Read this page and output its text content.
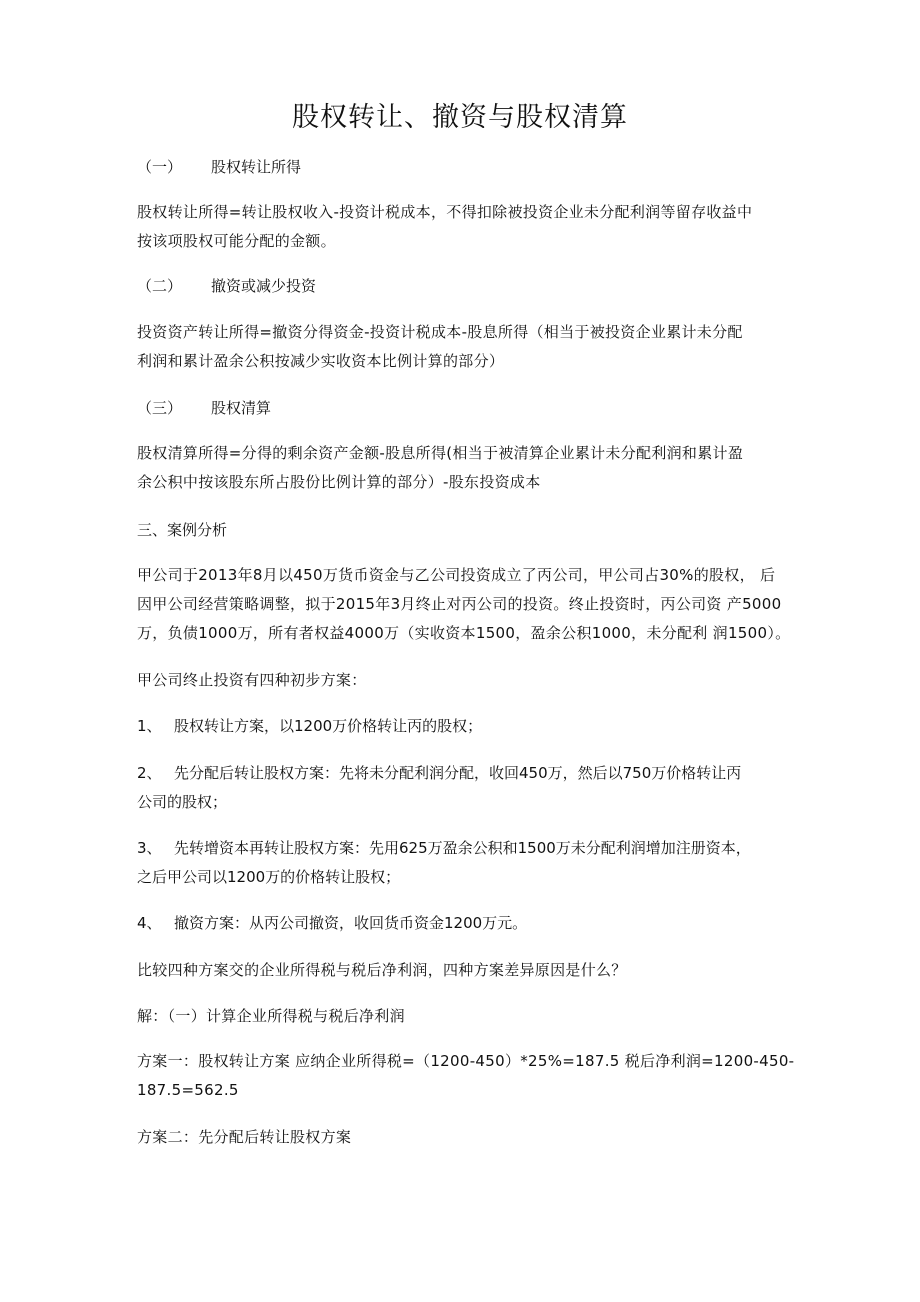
股权转让、撤资与股权清算
（一） 股权转让所得
股权转让所得=转让股权收入-投资计税成本，不得扣除被投资企业未分配利润等留存收益中
按该项股权可能分配的金额。
（二） 撤资或减少投资
投资资产转让所得=撤资分得资金-投资计税成本-股息所得（相当于被投资企业累计未分配
利润和累计盈余公积按减少实收资本比例计算的部分）
（三） 股权清算
股权清算所得=分得的剩余资产金额-股息所得(相当于被清算企业累计未分配利润和累计盈
余公积中按该股东所占股份比例计算的部分）-股东投资成本
三、案例分析
甲公司于2013年8月以450万货币资金与乙公司投资成立了丙公司，甲公司占30%的股权， 后
因甲公司经营策略调整，拟于2015年3月终止对丙公司的投资。终止投资时，丙公司资 产5000
万，负债1000万，所有者权益4000万（实收资本1500，盈余公积1000，未分配利 润1500）。
甲公司终止投资有四种初步方案：
1、 股权转让方案，以1200万价格转让丙的股权；
2、 先分配后转让股权方案：先将未分配利润分配，收回450万，然后以750万价格转让丙
公司的股权；
3、 先转增资本再转让股权方案：先用625万盈余公积和1500万未分配利润增加注册资本，
之后甲公司以1200万的价格转让股权；
4、 撤资方案：从丙公司撤资，收回货币资金1200万元。
比较四种方案交的企业所得税与税后净利润，四种方案差异原因是什么？
解：（一）计算企业所得税与税后净利润
方案一：股权转让方案 应纳企业所得税=（1200-450）*25%=187.5 税后净利润=1200-450-
187.5=562.5
方案二：先分配后转让股权方案
